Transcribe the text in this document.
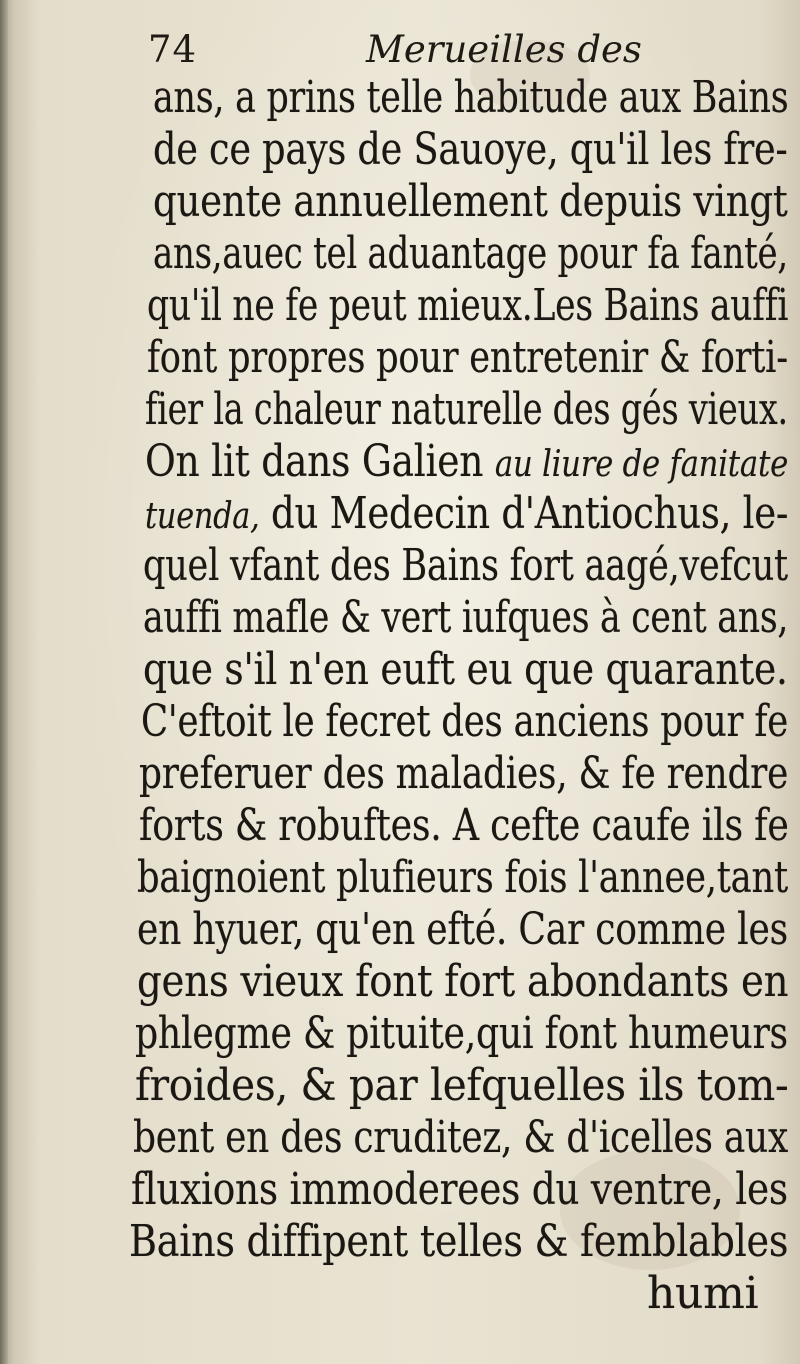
74	Merueilles des
ans, a prins telle habitude aux Bains
de ce pays de Sauoye, qu'il les fre-
quente annuellement depuis vingt
ans,auec tel aduantage pour fa fanté,
qu'il ne fe peut mieux.Les Bains auffi
font propres pour entretenir & forti-
fier la chaleur naturelle des gés vieux.
On lit dans Galien au liure de fanitate
tuenda, du Medecin d'Antiochus, le-
quel vfant des Bains fort aagé,vefcut
auffi mafle & vert iufques à cent ans,
que s'il n'en euft eu que quarante.
C'eftoit le fecret des anciens pour fe
preferuer des maladies, & fe rendre
forts & robuftes. A cefte caufe ils fe
baignoient plufieurs fois l'annee,tant
en hyuer, qu'en efté. Car comme les
gens vieux font fort abondants en
phlegme & pituite,qui font humeurs
froides, & par lefquelles ils tom-
bent en des cruditez, & d'icelles aux
fluxions immoderees du ventre, les
Bains diffipent telles & femblables
humi
